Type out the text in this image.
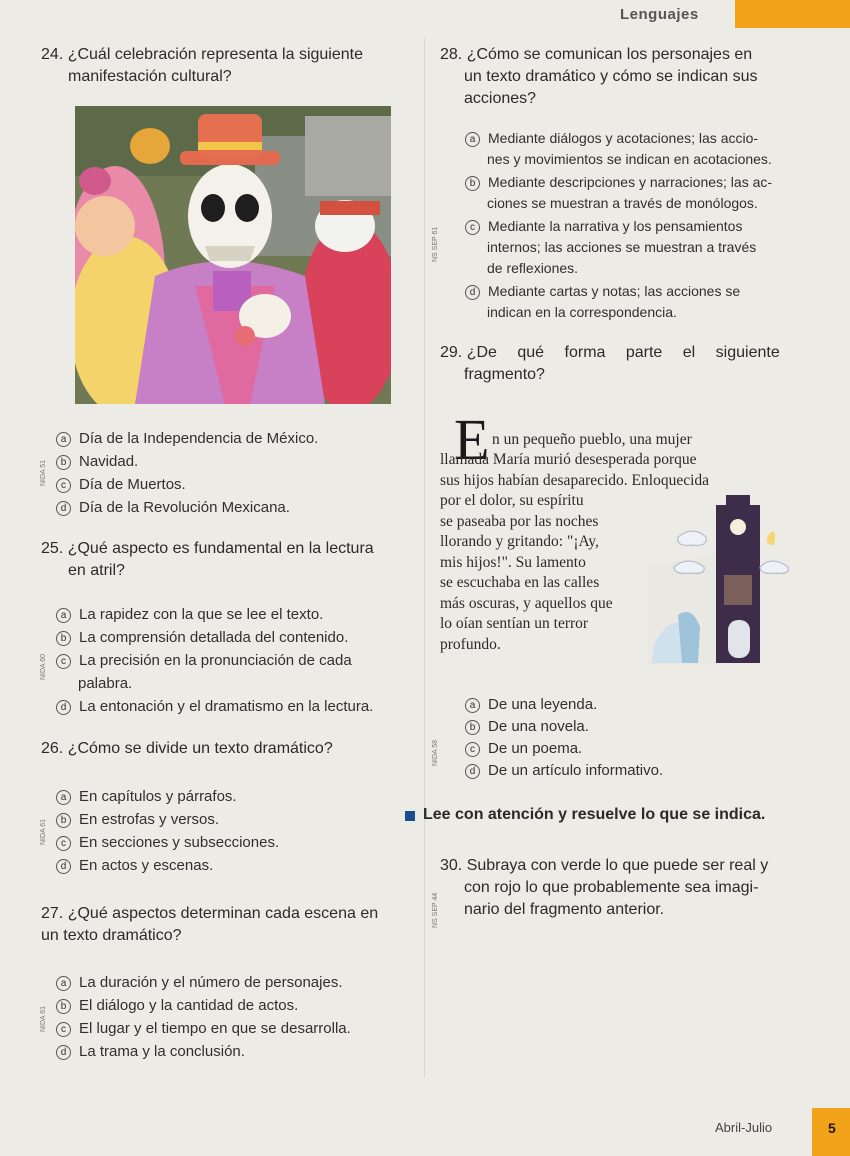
Lenguajes
24. ¿Cuál celebración representa la siguiente
manifestación cultural?
a Día de la Independencia de México.
b Navidad.
c Día de Muertos.
d Día de la Revolución Mexicana.
NIDA 51
25. ¿Qué aspecto es fundamental en la lectura
en atril?
a La rapidez con la que se lee el texto.
b La comprensión detallada del contenido.
c La precisión en la pronunciación de cada
palabra.
d La entonación y el dramatismo en la lectura.
NIDA 60
26. ¿Cómo se divide un texto dramático?
a En capítulos y párrafos.
b En estrofas y versos.
c En secciones y subsecciones.
d En actos y escenas.
NIDA 61
27. ¿Qué aspectos determinan cada escena en
un texto dramático?
a La duración y el número de personajes.
b El diálogo y la cantidad de actos.
c El lugar y el tiempo en que se desarrolla.
d La trama y la conclusión.
NIDA 61
28. ¿Cómo se comunican los personajes en
un texto dramático y cómo se indican sus
acciones?
a Mediante diálogos y acotaciones; las accio-
nes y movimientos se indican en acotaciones.
b Mediante descripciones y narraciones; las ac-
ciones se muestran a través de monólogos.
c Mediante la narrativa y los pensamientos
internos; las acciones se muestran a través
de reflexiones.
d Mediante cartas y notas; las acciones se
indican en la correspondencia.
NS SEP 61
29. ¿De qué forma parte el siguiente
fragmento?
E n un pequeño pueblo, una mujer
llamada María murió desesperada porque
sus hijos habían desaparecido. Enloquecida
por el dolor, su espíritu
se paseaba por las noches
llorando y gritando: "¡Ay,
mis hijos!". Su lamento
se escuchaba en las calles
más oscuras, y aquellos que
lo oían sentían un terror
profundo.
a De una leyenda.
b De una novela.
c De un poema.
d De un artículo informativo.
NIDA 58
Lee con atención y resuelve lo que se indica.
30. Subraya con verde lo que puede ser real y
con rojo lo que probablemente sea imagi-
nario del fragmento anterior.
NS SEP 44
Abril-Julio	5
